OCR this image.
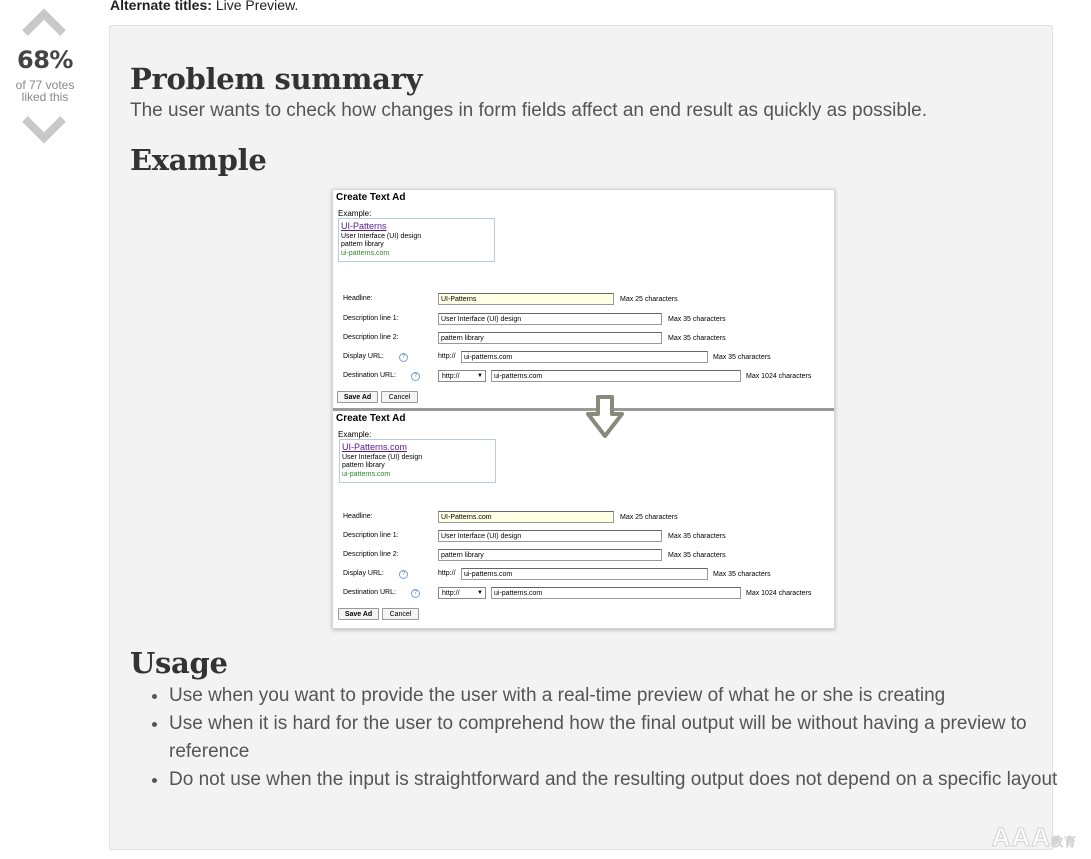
68%
of 77 votes
liked this
Alternate titles: Live Preview.
Problem summary
The user wants to check how changes in form fields affect an end result as quickly as possible.
Example
Create Text Ad
Example:
UI-Patterns
User Interface (UI) design
pattern library
ui-patterns.com
Headline:	UI-Patterns	Max 25 characters
Description line 1:	User Interface (UI) design	Max 35 characters
Description line 2:	pattern library	Max 35 characters
Display URL:	?	http://	ui-patterns.com	Max 35 characters
Destination URL:	?	http://	▼	ui-patterns.com	Max 1024 characters
Save Ad	Cancel
Create Text Ad
Example:
UI-Patterns.com
User Interface (UI) design
pattern library
ui-patterns.com
Headline:	UI-Patterns.com	Max 25 characters
Description line 1:	User Interface (UI) design	Max 35 characters
Description line 2:	pattern library	Max 35 characters
Display URL:	?	http://	ui-patterns.com	Max 35 characters
Destination URL:	?	http://	▼	ui-patterns.com	Max 1024 characters
Save Ad	Cancel
Usage
• Use when you want to provide the user with a real-time preview of what he or she is creating
• Use when it is hard for the user to comprehend how the final output will be without having a preview to reference
• Do not use when the input is straightforward and the resulting output does not depend on a specific layout
AAA教育
